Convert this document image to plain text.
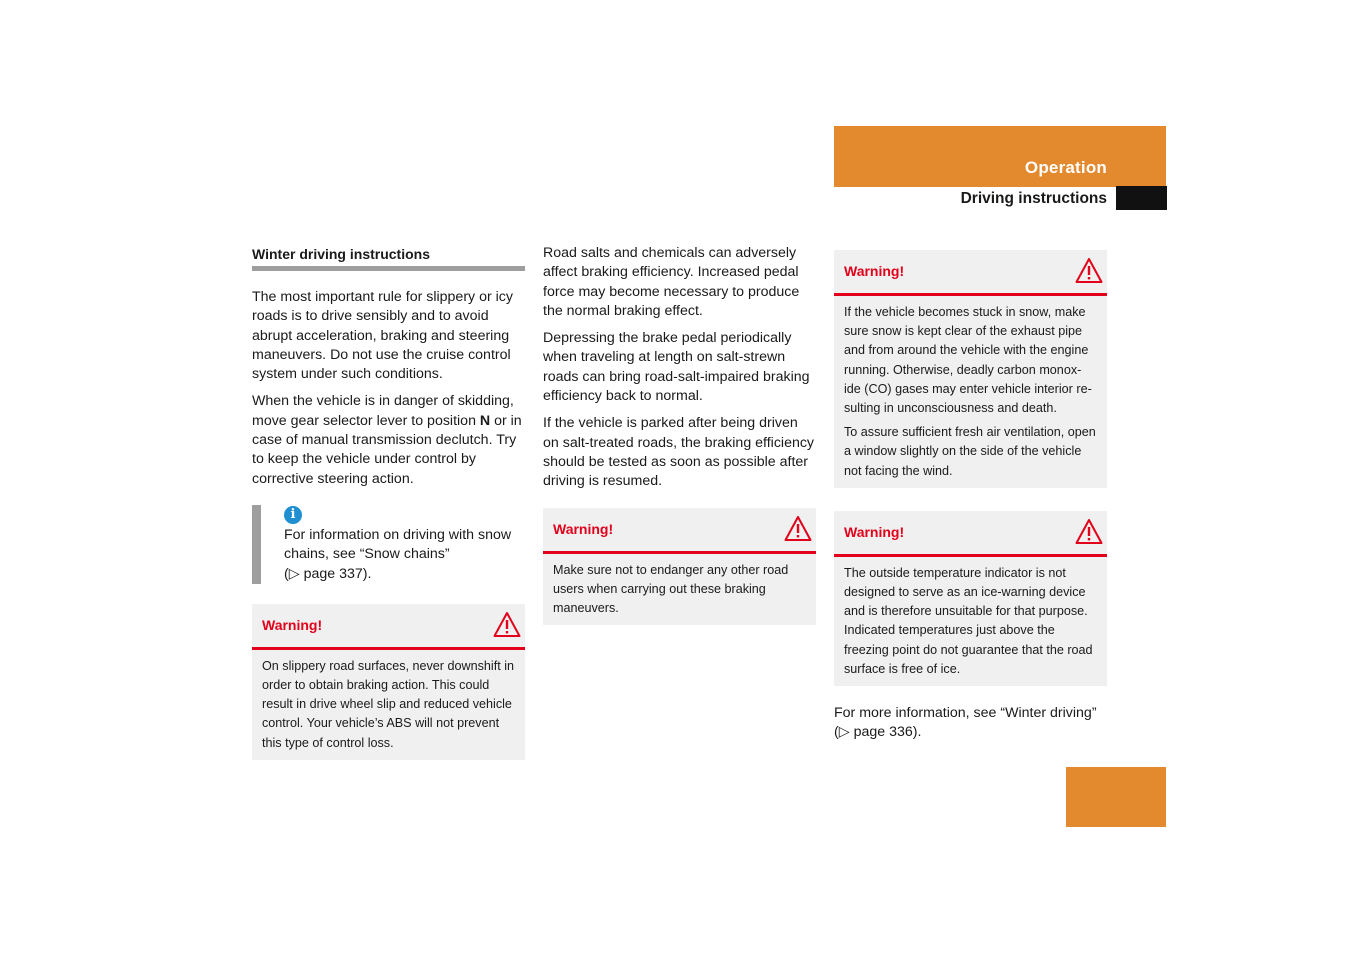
Operation
Driving instructions
Winter driving instructions

The most important rule for slippery or icy roads is to drive sensibly and to avoid abrupt acceleration, braking and steering maneuvers. Do not use the cruise control system under such conditions.

When the vehicle is in danger of skidding, move gear selector lever to position N or in case of manual transmission declutch. Try to keep the vehicle under control by corrective steering action.

i

For information on driving with snow chains, see “Snow chains”

(▷ page 337).

Warning!

On slippery road surfaces, never downshift in order to obtain braking action. This could result in drive wheel slip and reduced vehicle control. Your vehicle’s ABS will not prevent this type of control loss.

Road salts and chemicals can adversely affect braking efficiency. Increased pedal force may become necessary to produce the normal braking effect.

Depressing the brake pedal periodically when traveling at length on salt-strewn roads can bring road-salt-impaired braking efficiency back to normal.

If the vehicle is parked after being driven on salt-treated roads, the braking efficiency should be tested as soon as possible after driving is resumed.

Warning!

Make sure not to endanger any other road users when carrying out these braking maneuvers.

Warning!

If the vehicle becomes stuck in snow, make sure snow is kept clear of the exhaust pipe and from around the vehicle with the engine running. Otherwise, deadly carbon monox-ide (CO) gases may enter vehicle interior re-sulting in unconsciousness and death.

To assure sufficient fresh air ventilation, open a window slightly on the side of the vehicle not facing the wind.

Warning!

The outside temperature indicator is not designed to serve as an ice-warning device and is therefore unsuitable for that purpose. Indicated temperatures just above the freezing point do not guarantee that the road surface is free of ice.

For more information, see “Winter driving”

(▷ page 336).

289
